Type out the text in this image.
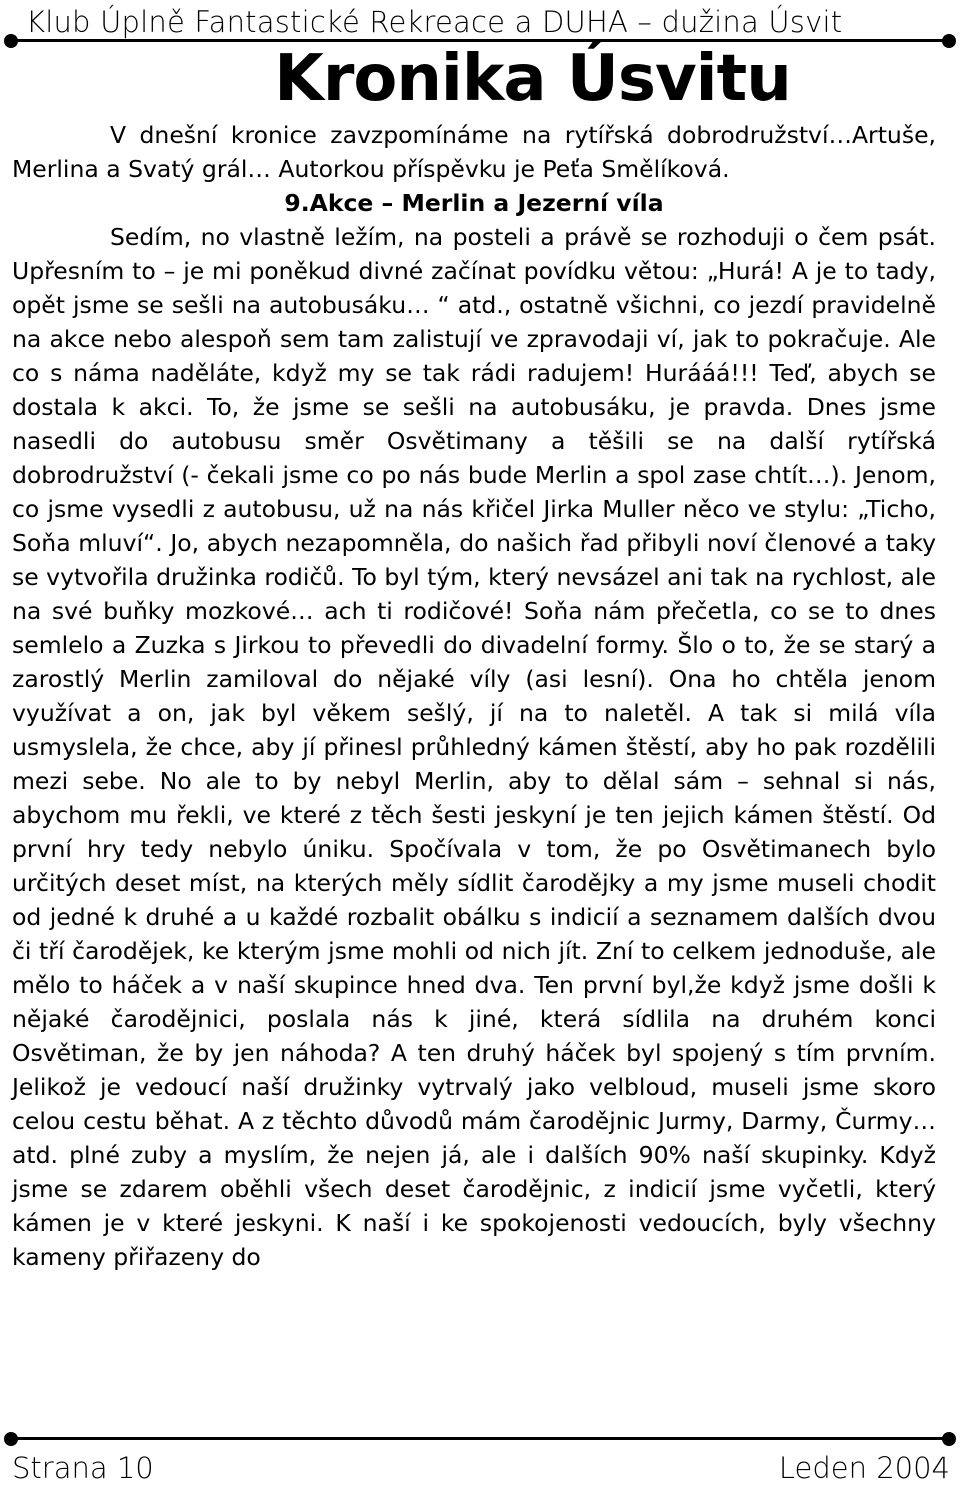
Klub Úplně Fantastické Rekreace a DUHA – dužina Úsvit
Kronika Úsvitu

V dnešní kronice zavzpomínáme na rytířská dobrodružství…Artuše, Merlina a Svatý grál… Autorkou příspěvku je Peťa Smělíková.

9.Akce – Merlin a Jezerní víla

Sedím, no vlastně ležím, na posteli a právě se rozhoduji o čem psát. Upřesním to – je mi poněkud divné začínat povídku větou: „Hurá! A je to tady, opět jsme se sešli na autobusáku… “ atd., ostatně všichni, co jezdí pravidelně na akce nebo alespoň sem tam zalistují ve zpravodaji ví, jak to pokračuje. Ale co s náma naděláte, když my se tak rádi radujem! Hurááá!!! Teď, abych se dostala k akci. To, že jsme se sešli na autobusáku, je pravda. Dnes jsme nasedli do autobusu směr Osvětimany a těšili se na další rytířská dobrodružství (- čekali jsme co po nás bude Merlin a spol zase chtít…). Jenom, co jsme vysedli z autobusu, už na nás křičel Jirka Muller něco ve stylu: „Ticho, Soňa mluví“. Jo, abych nezapomněla, do našich řad přibyli noví členové a taky se vytvořila družinka rodičů. To byl tým, který nevsázel ani tak na rychlost, ale na své buňky mozkové… ach ti rodičové! Soňa nám přečetla, co se to dnes semlelo a Zuzka s Jirkou to převedli do divadelní formy. Šlo o to, že se starý a zarostlý Merlin zamiloval do nějaké víly (asi lesní). Ona ho chtěla jenom využívat a on, jak byl věkem sešlý, jí na to naletěl. A tak si milá víla usmyslela, že chce, aby jí přinesl průhledný kámen štěstí, aby ho pak rozdělili mezi sebe. No ale to by nebyl Merlin, aby to dělal sám – sehnal si nás, abychom mu řekli, ve které z těch šesti jeskyní je ten jejich kámen štěstí. Od první hry tedy nebylo úniku. Spočívala v tom, že po Osvětimanech bylo určitých deset míst, na kterých měly sídlit čarodějky a my jsme museli chodit od jedné k druhé a u každé rozbalit obálku s indicií a seznamem dalších dvou či tří čarodějek, ke kterým jsme mohli od nich jít. Zní to celkem jednoduše, ale mělo to háček a v naší skupince hned dva. Ten první byl,že když jsme došli k nějaké čarodějnici, poslala nás k jiné, která sídlila na druhém konci Osvětiman, že by jen náhoda? A ten druhý háček byl spojený s tím prvním. Jelikož je vedoucí naší družinky vytrvalý jako velbloud, museli jsme skoro celou cestu běhat. A z těchto důvodů mám čarodějnic Jurmy, Darmy, Čurmy…atd. plné zuby a myslím, že nejen já, ale i dalších 90% naší skupinky. Když jsme se zdarem oběhli všech deset čarodějnic, z indicií jsme vyčetli, který kámen je v které jeskyni. K naší i ke spokojenosti vedoucích, byly všechny kameny přiřazeny do

Strana 10	Leden 2004
